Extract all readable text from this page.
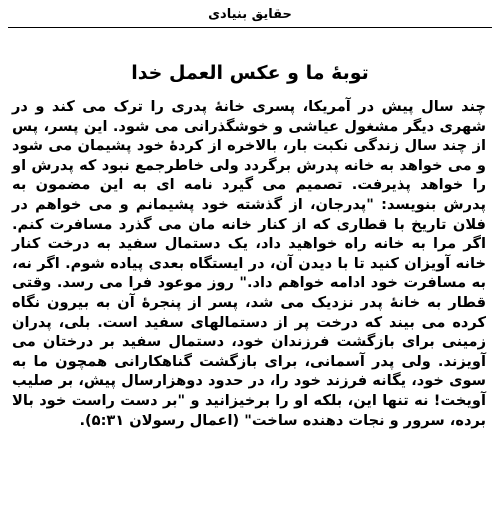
حقایق بنیادی
توبهٔ ما و عکس العمل خدا

چند سال پیش در آمریکا، پسری خانهٔ پدری را ترک می کند و در شهری دیگر مشغول عیاشی و خوشگذرانی می شود. این پسر، پس از چند سال زندگی نکبت بار، بالاخره از کردهٔ خود پشیمان می شود و می خواهد به خانه پدرش برگردد ولی خاطرجمع نبود که پدرش او را خواهد پذیرفت. تصمیم می گیرد نامه ای به این مضمون به پدرش بنویسد: "پدرجان، از گذشته خود پشیمانم و می خواهم در فلان تاریخ با قطاری که از کنار خانه مان می گذرد مسافرت کنم. اگر مرا به خانه راه خواهید داد، یک دستمال سفید به درخت کنار خانه آویزان کنید تا با دیدن آن، در ایستگاه بعدی پیاده شوم. اگر نه، به مسافرت خود ادامه خواهم داد." روز موعود فرا می رسد. وقتی قطار به خانهٔ پدر نزدیک می شد، پسر از پنجرهٔ آن به بیرون نگاه کرده می بیند که درخت پر از دستمالهای سفید است. بلی، پدران زمینی برای بازگشت فرزندان خود، دستمال سفید بر درختان می آویزند. ولی پدر آسمانی، برای بازگشت گناهکارانی همچون ما به سوی خود، یگانه فرزند خود را، در حدود دوهزارسال پیش، بر صلیب آویخت! نه تنها این، بلکه او را برخیزانید و "بر دست راست خود بالا برده، سرور و نجات دهنده ساخت" (اعمال رسولان ۵:۳۱).
